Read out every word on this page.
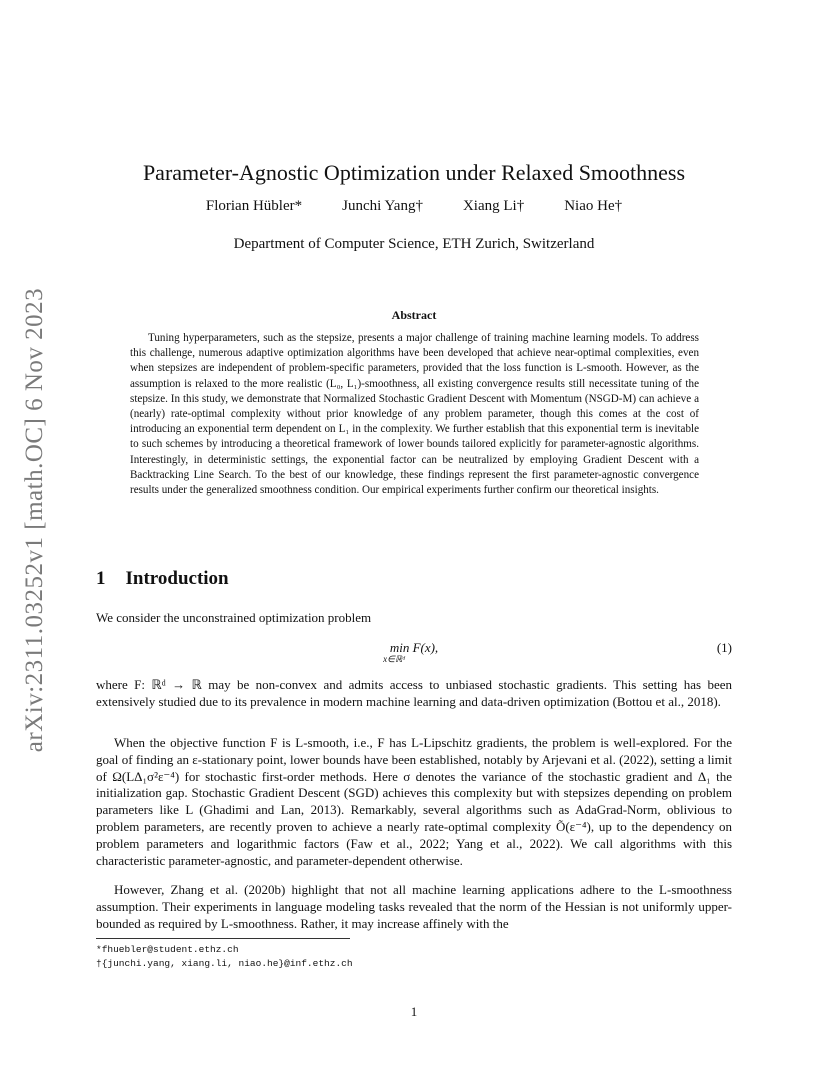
arXiv:2311.03252v1 [math.OC] 6 Nov 2023
Parameter-Agnostic Optimization under Relaxed Smoothness
Florian Hübler*	Junchi Yang†	Xiang Li†	Niao He†
Department of Computer Science, ETH Zurich, Switzerland
Abstract

Tuning hyperparameters, such as the stepsize, presents a major challenge of training machine learning models. To address this challenge, numerous adaptive optimization algorithms have been developed that achieve near-optimal complexities, even when stepsizes are independent of problem-specific parameters, provided that the loss function is L-smooth. However, as the assumption is relaxed to the more realistic (L₀, L₁)-smoothness, all existing convergence results still necessitate tuning of the stepsize. In this study, we demonstrate that Normalized Stochastic Gradient Descent with Momentum (NSGD-M) can achieve a (nearly) rate-optimal complexity without prior knowledge of any problem parameter, though this comes at the cost of introducing an exponential term dependent on L₁ in the complexity. We further establish that this exponential term is inevitable to such schemes by introducing a theoretical framework of lower bounds tailored explicitly for parameter-agnostic algorithms. Interestingly, in deterministic settings, the exponential factor can be neutralized by employing Gradient Descent with a Backtracking Line Search. To the best of our knowledge, these findings represent the first parameter-agnostic convergence results under the generalized smoothness condition. Our empirical experiments further confirm our theoretical insights.

1 Introduction

We consider the unconstrained optimization problem

min F(x),
x∈ℝᵈ
(1)

where F: ℝᵈ → ℝ may be non-convex and admits access to unbiased stochastic gradients. This setting has been extensively studied due to its prevalence in modern machine learning and data-driven optimization (Bottou et al., 2018).

When the objective function F is L-smooth, i.e., F has L-Lipschitz gradients, the problem is well-explored. For the goal of finding an ε-stationary point, lower bounds have been established, notably by Arjevani et al. (2022), setting a limit of Ω(LΔ₁σ²ε⁻⁴) for stochastic first-order methods. Here σ denotes the variance of the stochastic gradient and Δ₁ the initialization gap. Stochastic Gradient Descent (SGD) achieves this complexity but with stepsizes depending on problem parameters like L (Ghadimi and Lan, 2013). Remarkably, several algorithms such as AdaGrad-Norm, oblivious to problem parameters, are recently proven to achieve a nearly rate-optimal complexity Õ(ε⁻⁴), up to the dependency on problem parameters and logarithmic factors (Faw et al., 2022; Yang et al., 2022). We call algorithms with this characteristic parameter-agnostic, and parameter-dependent otherwise.

However, Zhang et al. (2020b) highlight that not all machine learning applications adhere to the L-smoothness assumption. Their experiments in language modeling tasks revealed that the norm of the Hessian is not uniformly upper-bounded as required by L-smoothness. Rather, it may increase affinely with the

*fhuebler@student.ethz.ch
†{junchi.yang, xiang.li, niao.he}@inf.ethz.ch
1
